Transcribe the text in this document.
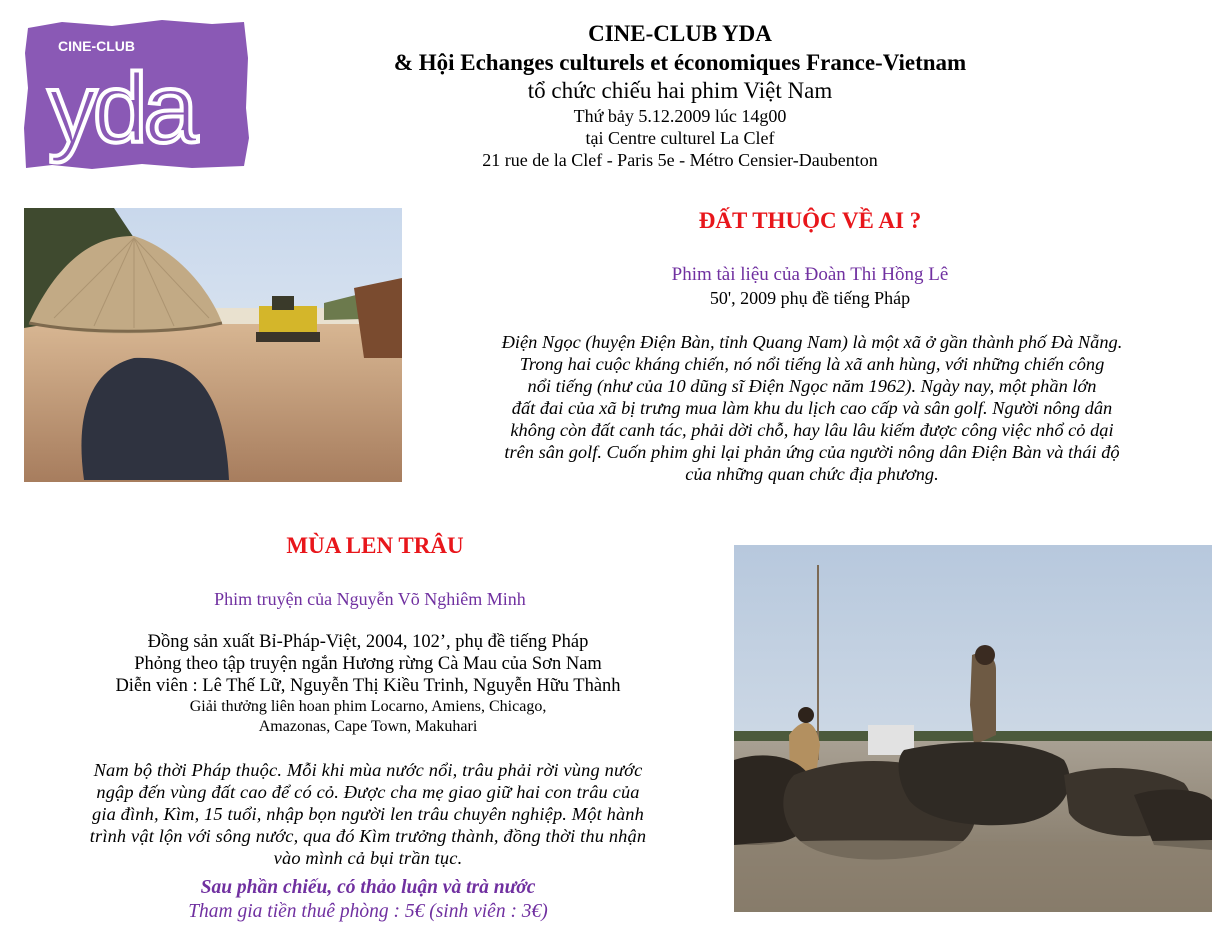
CINE-CLUB
yda
CINE-CLUB YDA
& Hội Echanges culturels et économiques France-Vietnam
tổ chức chiếu hai phim Việt Nam
Thứ bảy 5.12.2009 lúc 14g00
tại Centre culturel La Clef
21 rue de la Clef - Paris 5e - Métro Censier-Daubenton
ĐẤT THUỘC VỀ AI ?
Phim tài liệu của Đoàn Thi Hồng Lê
50', 2009 phụ đề tiếng Pháp
Điện Ngọc (huyện Điện Bàn, tỉnh Quang Nam) là một xã ở gần thành phố Đà Nẵng.
Trong hai cuộc kháng chiến, nó nổi tiếng là xã anh hùng, với những chiến công
nổi tiếng (như của 10 dũng sĩ Điện Ngọc năm 1962). Ngày nay, một phần lớn
đất đai của xã bị trưng mua làm khu du lịch cao cấp và sân golf. Người nông dân
không còn đất canh tác, phải dời chỗ, hay lâu lâu kiếm được công việc nhổ cỏ dại
trên sân golf. Cuốn phim ghi lại phản ứng của người nông dân Điện Bàn và thái độ
của những quan chức địa phương.
MÙA LEN TRÂU
Phim truyện của Nguyễn Võ Nghiêm Minh
Đồng sản xuất Bỉ-Pháp-Việt, 2004, 102’, phụ đề tiếng Pháp
Phỏng theo tập truyện ngắn Hương rừng Cà Mau của Sơn Nam
Diễn viên : Lê Thế Lữ, Nguyễn Thị Kiều Trinh, Nguyễn Hữu Thành
Giải thưởng liên hoan phim Locarno, Amiens, Chicago,
Amazonas, Cape Town, Makuhari
Nam bộ thời Pháp thuộc. Mỗi khi mùa nước nổi, trâu phải rời vùng nước
ngập đến vùng đất cao để có cỏ. Được cha mẹ giao giữ hai con trâu của
gia đình, Kìm, 15 tuổi, nhập bọn người len trâu chuyên nghiệp. Một hành
trình vật lộn với sông nước, qua đó Kìm trưởng thành, đồng thời thu nhận
vào mình cả bụi trần tục.
Sau phần chiếu, có thảo luận và trà nước
Tham gia tiền thuê phòng : 5€ (sinh viên : 3€)
